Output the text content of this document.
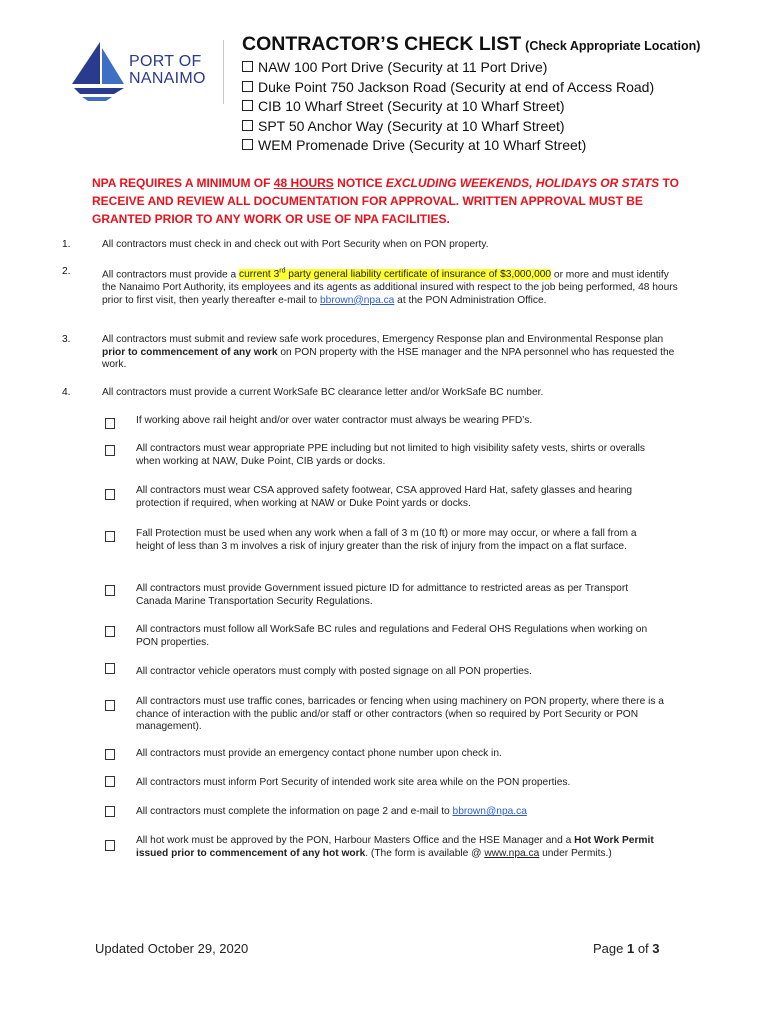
PORT OF
NANAIMO
CONTRACTOR’S CHECK LIST (Check Appropriate Location)
NAW 100 Port Drive (Security at 11 Port Drive)
Duke Point 750 Jackson Road (Security at end of Access Road)
CIB 10 Wharf Street (Security at 10 Wharf Street)
SPT 50 Anchor Way (Security at 10 Wharf Street)
WEM Promenade Drive (Security at 10 Wharf Street)
NPA REQUIRES A MINIMUM OF 48 HOURS NOTICE EXCLUDING WEEKENDS, HOLIDAYS OR STATS TO RECEIVE AND REVIEW ALL DOCUMENTATION FOR APPROVAL. WRITTEN APPROVAL MUST BE GRANTED PRIOR TO ANY WORK OR USE OF NPA FACILITIES.
1.	All contractors must check in and check out with Port Security when on PON property.
2.	All contractors must provide a current 3rd party general liability certificate of insurance of $3,000,000 or more and must identify the Nanaimo Port Authority, its employees and its agents as additional insured with respect to the job being performed, 48 hours prior to first visit, then yearly thereafter e-mail to bbrown@npa.ca at the PON Administration Office.
3.	All contractors must submit and review safe work procedures, Emergency Response plan and Environmental Response plan prior to commencement of any work on PON property with the HSE manager and the NPA personnel who has requested the work.
4.	All contractors must provide a current WorkSafe BC clearance letter and/or WorkSafe BC number.
If working above rail height and/or over water contractor must always be wearing PFD’s.
All contractors must wear appropriate PPE including but not limited to high visibility safety vests, shirts or overalls when working at NAW, Duke Point, CIB yards or docks.
All contractors must wear CSA approved safety footwear, CSA approved Hard Hat, safety glasses and hearing protection if required, when working at NAW or Duke Point yards or docks.
Fall Protection must be used when any work when a fall of 3 m (10 ft) or more may occur, or where a fall from a height of less than 3 m involves a risk of injury greater than the risk of injury from the impact on a flat surface.
All contractors must provide Government issued picture ID for admittance to restricted areas as per Transport Canada Marine Transportation Security Regulations.
All contractors must follow all WorkSafe BC rules and regulations and Federal OHS Regulations when working on PON properties.
All contractor vehicle operators must comply with posted signage on all PON properties.
All contractors must use traffic cones, barricades or fencing when using machinery on PON property, where there is a chance of interaction with the public and/or staff or other contractors (when so required by Port Security or PON management).
All contractors must provide an emergency contact phone number upon check in.
All contractors must inform Port Security of intended work site area while on the PON properties.
All contractors must complete the information on page 2 and e-mail to bbrown@npa.ca
All hot work must be approved by the PON, Harbour Masters Office and the HSE Manager and a Hot Work Permit issued prior to commencement of any hot work. (The form is available @ www.npa.ca under Permits.)
Updated October 29, 2020	Page 1 of 3
